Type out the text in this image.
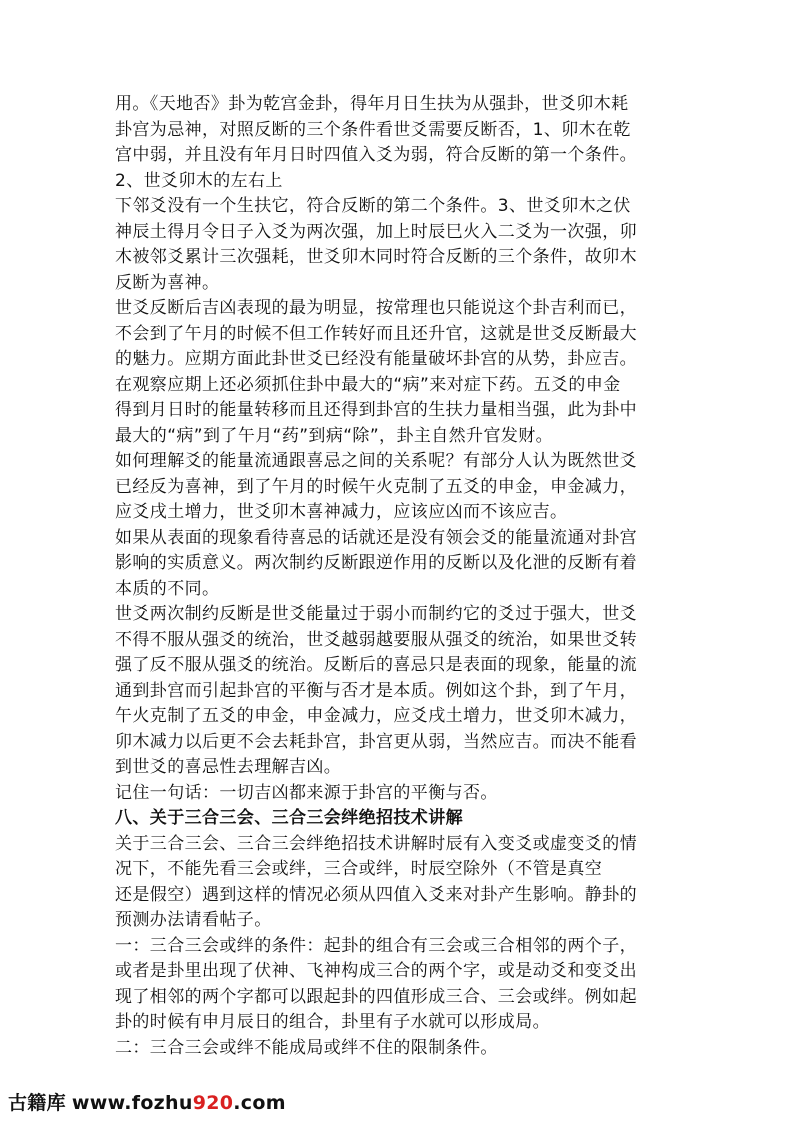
用。《天地否》卦为乾宫金卦，得年月日生扶为从强卦，世爻卯木耗
卦宫为忌神，对照反断的三个条件看世爻需要反断否，1、卯木在乾
宫中弱，并且没有年月日时四值入爻为弱，符合反断的第一个条件。
2、世爻卯木的左右上
下邻爻没有一个生扶它，符合反断的第二个条件。3、世爻卯木之伏
神辰土得月令日子入爻为两次强，加上时辰巳火入二爻为一次强，卯
木被邻爻累计三次强耗，世爻卯木同时符合反断的三个条件，故卯木
反断为喜神。
世爻反断后吉凶表现的最为明显，按常理也只能说这个卦吉利而已，
不会到了午月的时候不但工作转好而且还升官，这就是世爻反断最大
的魅力。应期方面此卦世爻已经没有能量破坏卦宫的从势，卦应吉。
在观察应期上还必须抓住卦中最大的“病”来对症下药。五爻的申金
得到月日时的能量转移而且还得到卦宫的生扶力量相当强，此为卦中
最大的“病”到了午月“药”到病“除”，卦主自然升官发财。
如何理解爻的能量流通跟喜忌之间的关系呢？有部分人认为既然世爻
已经反为喜神，到了午月的时候午火克制了五爻的申金，申金减力，
应爻戌土增力，世爻卯木喜神减力，应该应凶而不该应吉。
如果从表面的现象看待喜忌的话就还是没有领会爻的能量流通对卦宫
影响的实质意义。两次制约反断跟逆作用的反断以及化泄的反断有着
本质的不同。
世爻两次制约反断是世爻能量过于弱小而制约它的爻过于强大，世爻
不得不服从强爻的统治，世爻越弱越要服从强爻的统治，如果世爻转
强了反不服从强爻的统治。反断后的喜忌只是表面的现象，能量的流
通到卦宫而引起卦宫的平衡与否才是本质。例如这个卦，到了午月，
午火克制了五爻的申金，申金减力，应爻戌土增力，世爻卯木减力，
卯木减力以后更不会去耗卦宫，卦宫更从弱，当然应吉。而决不能看
到世爻的喜忌性去理解吉凶。
记住一句话：一切吉凶都来源于卦宫的平衡与否。
八、关于三合三会、三合三会绊绝招技术讲解
关于三合三会、三合三会绊绝招技术讲解时辰有入变爻或虚变爻的情
况下，不能先看三会或绊，三合或绊，时辰空除外（不管是真空
还是假空）遇到这样的情况必须从四值入爻来对卦产生影响。静卦的
预测办法请看帖子。
一：三合三会或绊的条件：起卦的组合有三会或三合相邻的两个子，
或者是卦里出现了伏神、飞神构成三合的两个字，或是动爻和变爻出
现了相邻的两个字都可以跟起卦的四值形成三合、三会或绊。例如起
卦的时候有申月辰日的组合，卦里有子水就可以形成局。
二：三合三会或绊不能成局或绊不住的限制条件。
古籍库 www.fozhu920.com
